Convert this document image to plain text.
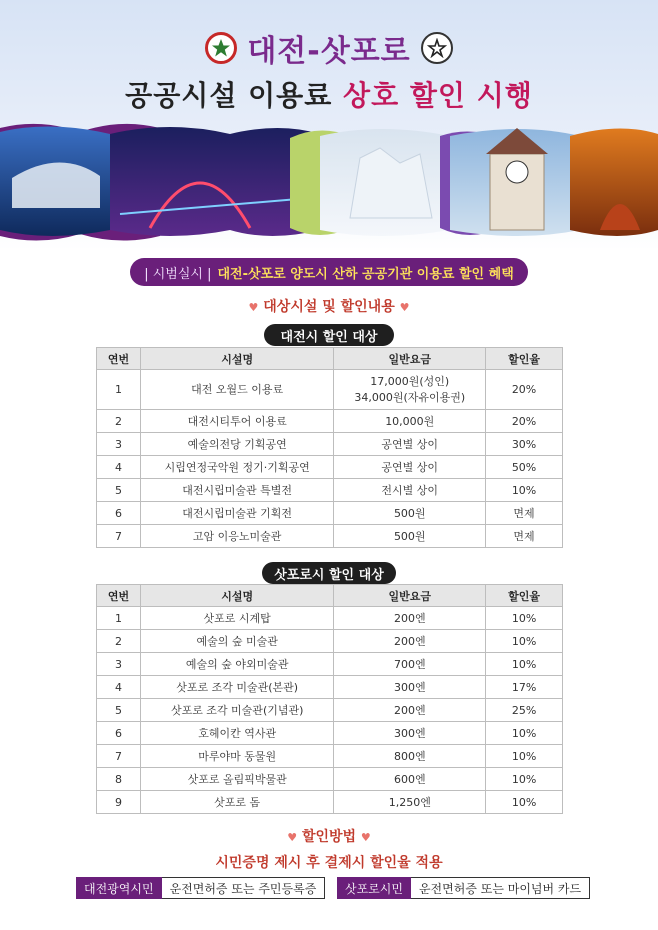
대전-삿포로
공공시설 이용료 상호 할인 시행
| 시범실시 | 대전-삿포로 양도시 산하 공공기관 이용료 할인 혜택
♥ 대상시설 및 할인내용 ♥
대전시 할인 대상
연번	시설명	일반요금	할인율
1	대전 오월드 이용료	17,000원(성인)
34,000원(자유이용권)	20%
2	대전시티투어 이용료	10,000원	20%
3	예술의전당 기획공연	공연별 상이	30%
4	시립연정국악원 정기·기획공연	공연별 상이	50%
5	대전시립미술관 특별전	전시별 상이	10%
6	대전시립미술관 기획전	500원	면제
7	고암 이응노미술관	500원	면제
삿포로시 할인 대상
연번	시설명	일반요금	할인율
1	삿포로 시계탑	200엔	10%
2	예술의 숲 미술관	200엔	10%
3	예술의 숲 야외미술관	700엔	10%
4	삿포로 조각 미술관(본관)	300엔	17%
5	삿포로 조각 미술관(기념관)	200엔	25%
6	호헤이칸 역사관	300엔	10%
7	마루야마 동물원	800엔	10%
8	삿포로 올림픽박물관	600엔	10%
9	삿포로 돔	1,250엔	10%
♥ 할인방법 ♥
시민증명 제시 후 결제시 할인율 적용
대전광역시민	운전면허증 또는 주민등록증	삿포로시민	운전면허증 또는 마이넘버 카드
